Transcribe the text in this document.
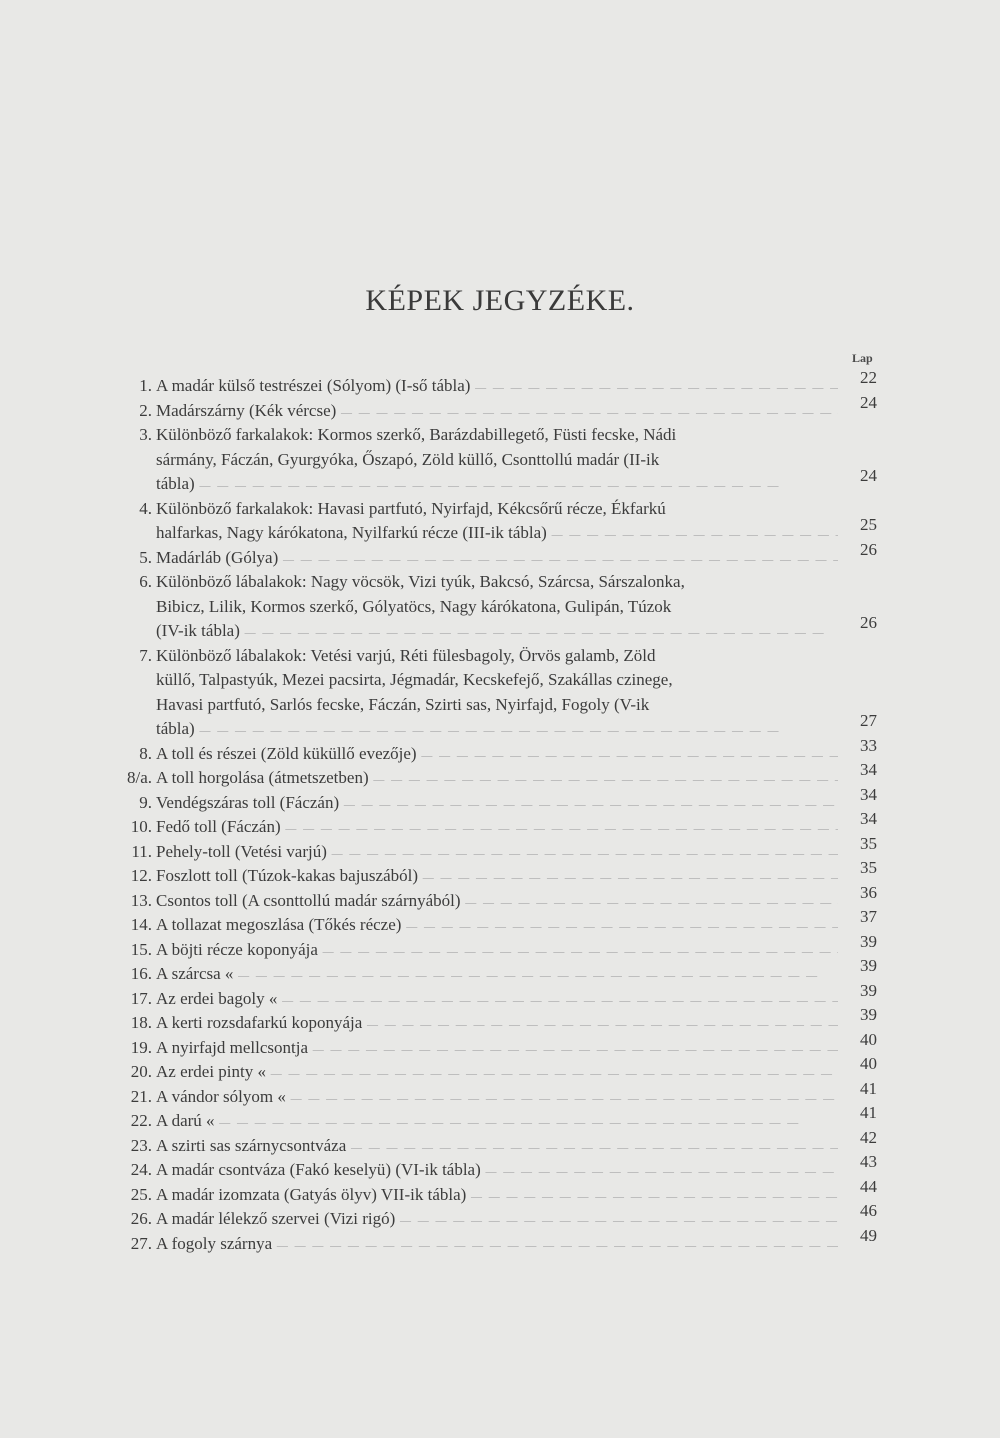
KÉPEK JEGYZÉKE.
Lap
1. A madár külső testrészei (Sólyom) (I-ső tábla) — — —	22
2. Madárszárny (Kék vércse) — — —	24
3. Különböző farkalakok: Kormos szerkő, Barázdabillegető, Füsti fecske, Nádi
sármány, Fáczán, Gyurgyóka, Őszapó, Zöld küllő, Csonttollú madár (II-ik
tábla) — — —	24
4. Különböző farkalakok: Havasi partfutó, Nyirfajd, Kékcsőrű récze, Ékfarkú
halfarkas, Nagy kárókatona, Nyilfarkú récze (III-ik tábla) — — —	25
5. Madárláb (Gólya) — — —	26
6. Különböző lábalakok: Nagy vöcsök, Vizi tyúk, Bakcsó, Szárcsa, Sárszalonka,
Bibicz, Lilik, Kormos szerkő, Gólyatöcs, Nagy kárókatona, Gulipán, Túzok
(IV-ik tábla) — — —	26
7. Különböző lábalakok: Vetési varjú, Réti fülesbagoly, Örvös galamb, Zöld
küllő, Talpastyúk, Mezei pacsirta, Jégmadár, Kecskefejő, Szakállas czinege,
Havasi partfutó, Sarlós fecske, Fáczán, Szirti sas, Nyirfajd, Fogoly (V-ik
tábla) — — —	27
8. A toll és részei (Zöld küküllő evezője) — — —	33
8/a. A toll horgolása (átmetszetben) — — —	34
9. Vendégszáras toll (Fáczán) — — —	34
10. Fedő toll (Fáczán) — — —	34
11. Pehely-toll (Vetési varjú) — — —	35
12. Foszlott toll (Túzok-kakas bajuszából) — — —	35
13. Csontos toll (A csonttollú madár szárnyából) — — —	36
14. A tollazat megoszlása (Tőkés récze) — — —	37
15. A böjti récze koponyája — — —	39
16. A szárcsa « — — —	39
17. Az erdei bagoly « — — —	39
18. A kerti rozsdafarkú koponyája — — —	39
19. A nyirfajd mellcsontja — — —	40
20. Az erdei pinty « — — —	40
21. A vándor sólyom « — — —	41
22. A darú « — — —	41
23. A szirti sas szárnycsontváza — — —	42
24. A madár csontváza (Fakó keselyü) (VI-ik tábla) — — —	43
25. A madár izomzata (Gatyás ölyv) VII-ik tábla) — — —	44
26. A madár lélekző szervei (Vizi rigó) — — —	46
27. A fogoly szárnya — — —	49
